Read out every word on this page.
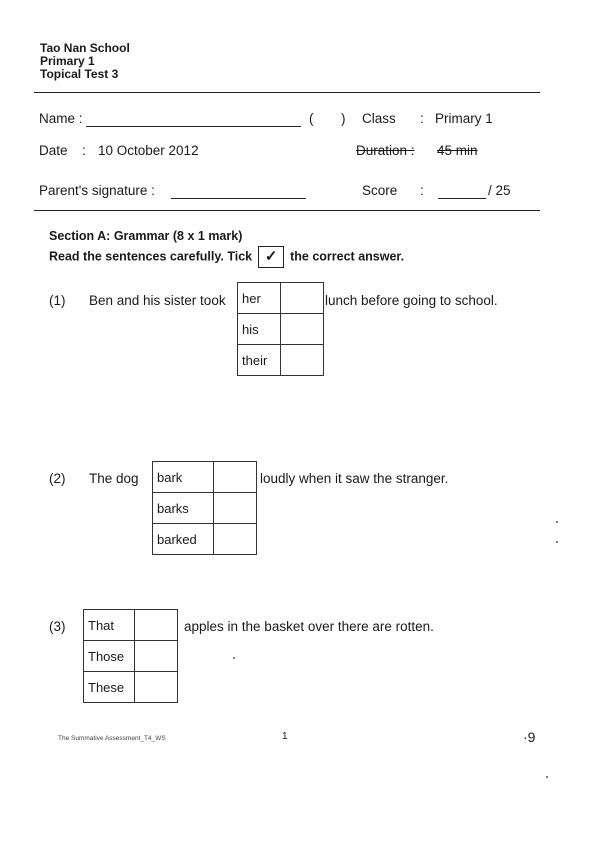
Tao Nan School
Primary 1
Topical Test 3
Name :	( ) Class : Primary 1
Date : 10 October 2012	Duration : 45 min
Parent's signature :	Score :	/ 25
Section A: Grammar (8 x 1 mark)
Read the sentences carefully. Tick ✓ the correct answer.
(1) Ben and his sister took her	
his	
their	
lunch before going to school.
(2) The dog bark	
barks	
barked	
loudly when it saw the stranger.
(3) That	
Those	
These	
apples in the basket over there are rotten.
The Summative Assessment_T4_WS	1	·9
